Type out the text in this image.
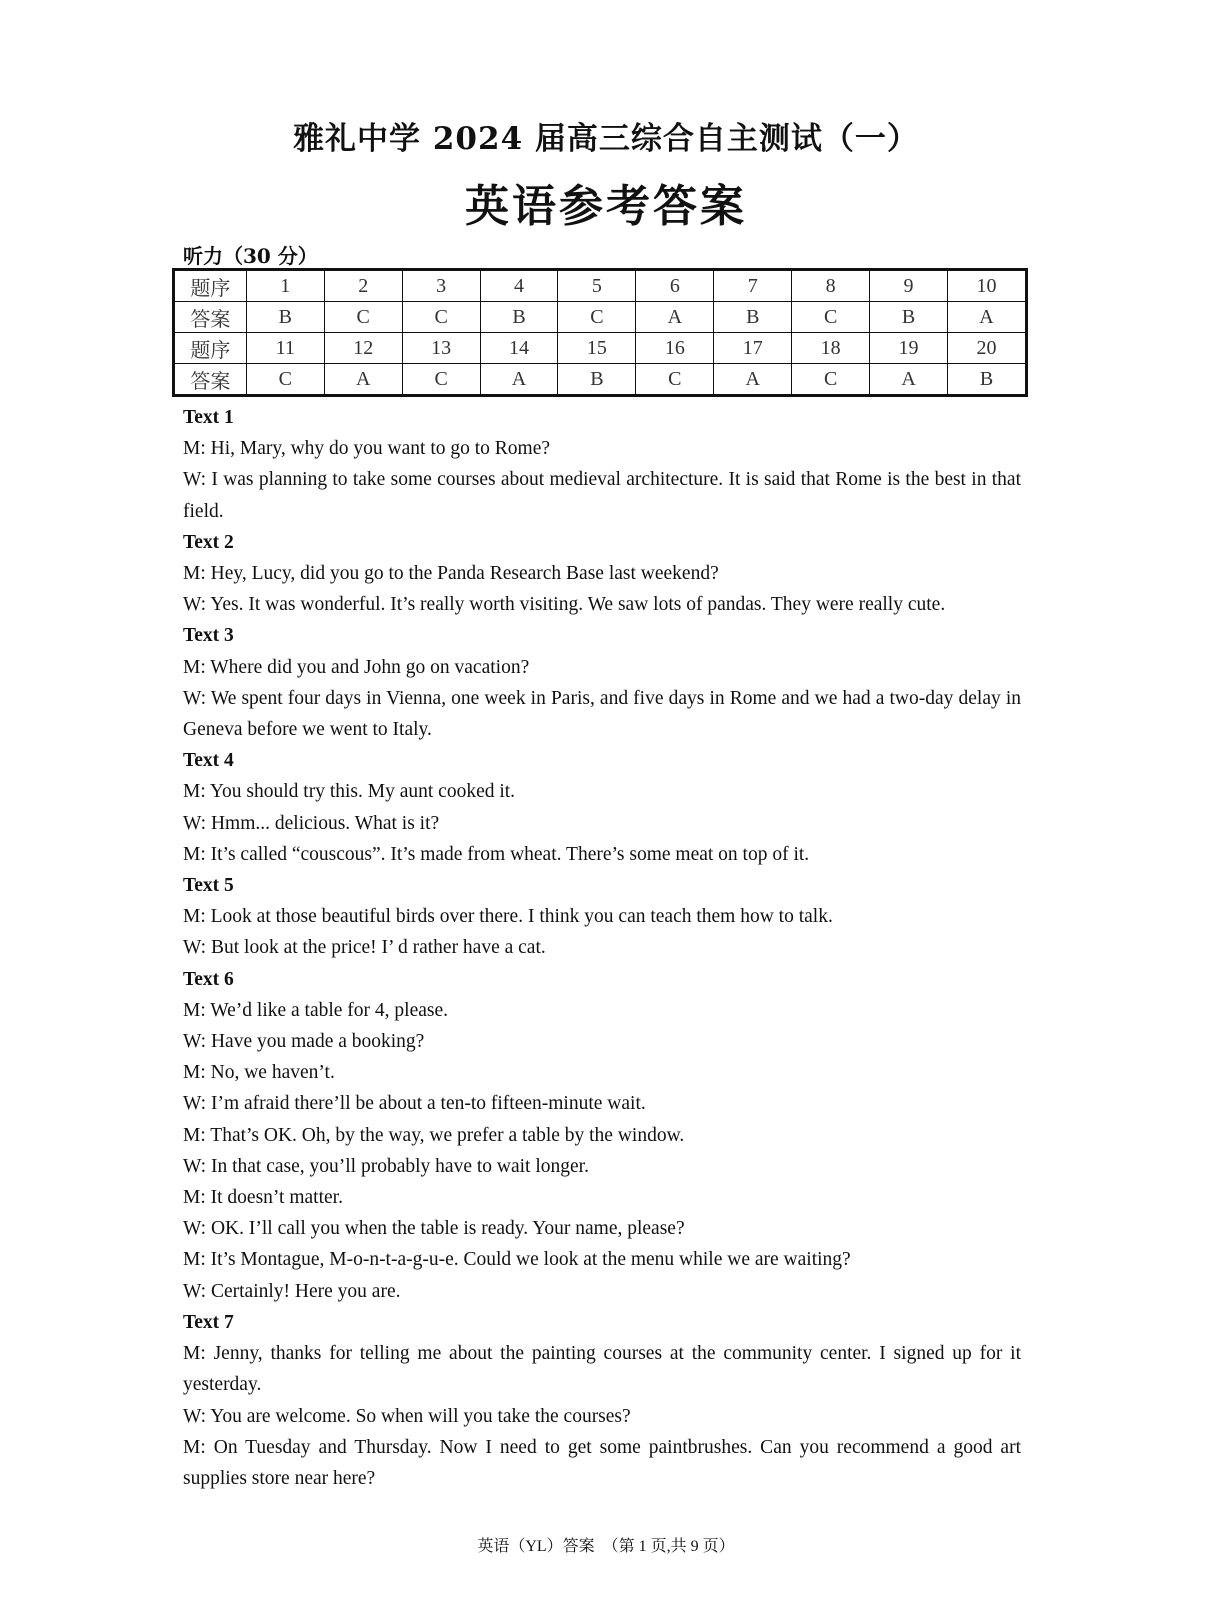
雅礼中学 2024 届高三综合自主测试（一）
英语参考答案
听力（30 分）
题序	1	2	3	4	5	6	7	8	9	10
答案	B	C	C	B	C	A	B	C	B	A
题序	11	12	13	14	15	16	17	18	19	20
答案	C	A	C	A	B	C	A	C	A	B

Text 1

M: Hi, Mary, why do you want to go to Rome?

W: I was planning to take some courses about medieval architecture. It is said that Rome is the best in that field.

Text 2

M: Hey, Lucy, did you go to the Panda Research Base last weekend?

W: Yes. It was wonderful. It’s really worth visiting. We saw lots of pandas. They were really cute.

Text 3

M: Where did you and John go on vacation?

W: We spent four days in Vienna, one week in Paris, and five days in Rome and we had a two-day delay in Geneva before we went to Italy.

Text 4

M: You should try this. My aunt cooked it.

W: Hmm... delicious. What is it?

M: It’s called “couscous”. It’s made from wheat. There’s some meat on top of it.

Text 5

M: Look at those beautiful birds over there. I think you can teach them how to talk.

W: But look at the price! I’ d rather have a cat.

Text 6

M: We’d like a table for 4, please.

W: Have you made a booking?

M: No, we haven’t.

W: I’m afraid there’ll be about a ten-to fifteen-minute wait.

M: That’s OK. Oh, by the way, we prefer a table by the window.

W: In that case, you’ll probably have to wait longer.

M: It doesn’t matter.

W: OK. I’ll call you when the table is ready. Your name, please?

M: It’s Montague, M-o-n-t-a-g-u-e. Could we look at the menu while we are waiting?

W: Certainly! Here you are.

Text 7

M: Jenny, thanks for telling me about the painting courses at the community center. I signed up for it yesterday.

W: You are welcome. So when will you take the courses?

M: On Tuesday and Thursday. Now I need to get some paintbrushes. Can you recommend a good art supplies store near here?

英语（YL）答案　（第 1 页,共 9 页）
